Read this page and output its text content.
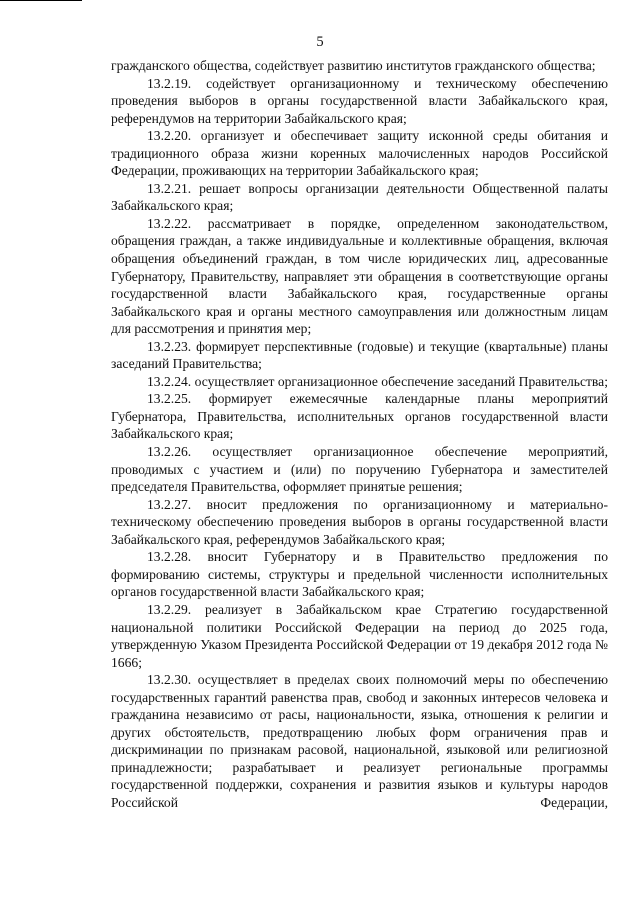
5

гражданского общества, содействует развитию институтов гражданского общества;

13.2.19. содействует организационному и техническому обеспечению проведения выборов в органы государственной власти Забайкальского края, референдумов на территории Забайкальского края;

13.2.20. организует и обеспечивает защиту исконной среды обитания и традиционного образа жизни коренных малочисленных народов Российской Федерации, проживающих на территории Забайкальского края;

13.2.21. решает вопросы организации деятельности Общественной палаты Забайкальского края;

13.2.22. рассматривает в порядке, определенном законодательством, обращения граждан, а также индивидуальные и коллективные обращения, включая обращения объединений граждан, в том числе юридических лиц, адресованные Губернатору, Правительству, направляет эти обращения в соответствующие органы государственной власти Забайкальского края, государственные органы Забайкальского края и органы местного самоуправления или должностным лицам для рассмотрения и принятия мер;

13.2.23. формирует перспективные (годовые) и текущие (квартальные) планы заседаний Правительства;

13.2.24. осуществляет организационное обеспечение заседаний Правительства;

13.2.25. формирует ежемесячные календарные планы мероприятий Губернатора, Правительства, исполнительных органов государственной власти Забайкальского края;

13.2.26. осуществляет организационное обеспечение мероприятий, проводимых с участием и (или) по поручению Губернатора и заместителей председателя Правительства, оформляет принятые решения;

13.2.27. вносит предложения по организационному и материально-техническому обеспечению проведения выборов в органы государственной власти Забайкальского края, референдумов Забайкальского края;

13.2.28. вносит Губернатору и в Правительство предложения по формированию системы, структуры и предельной численности исполнительных органов государственной власти Забайкальского края;

13.2.29. реализует в Забайкальском крае Стратегию государственной национальной политики Российской Федерации на период до 2025 года, утвержденную Указом Президента Российской Федерации от 19 декабря 2012 года № 1666;

13.2.30. осуществляет в пределах своих полномочий меры по обеспечению государственных гарантий равенства прав, свобод и законных интересов человека и гражданина независимо от расы, национальности, языка, отношения к религии и других обстоятельств, предотвращению любых форм ограничения прав и дискриминации по признакам расовой, национальной, языковой или религиозной принадлежности; разрабатывает и реализует региональные программы государственной поддержки, сохранения и развития языков и культуры народов Российской Федерации,
